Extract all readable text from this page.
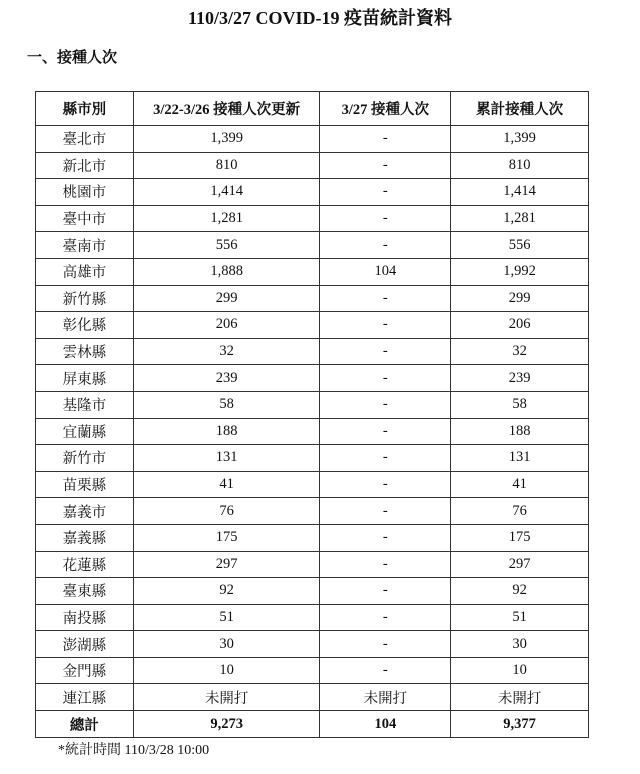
110/3/27 COVID-19 疫苗統計資料
一、接種人次
縣市別	3/22-3/26 接種人次更新	3/27 接種人次	累計接種人次
臺北市	1,399	-	1,399
新北市	810	-	810
桃園市	1,414	-	1,414
臺中市	1,281	-	1,281
臺南市	556	-	556
高雄市	1,888	104	1,992
新竹縣	299	-	299
彰化縣	206	-	206
雲林縣	32	-	32
屏東縣	239	-	239
基隆市	58	-	58
宜蘭縣	188	-	188
新竹市	131	-	131
苗栗縣	41	-	41
嘉義市	76	-	76
嘉義縣	175	-	175
花蓮縣	297	-	297
臺東縣	92	-	92
南投縣	51	-	51
澎湖縣	30	-	30
金門縣	10	-	10
連江縣	未開打	未開打	未開打
總計	9,273	104	9,377
*統計時間 110/3/28 10:00
